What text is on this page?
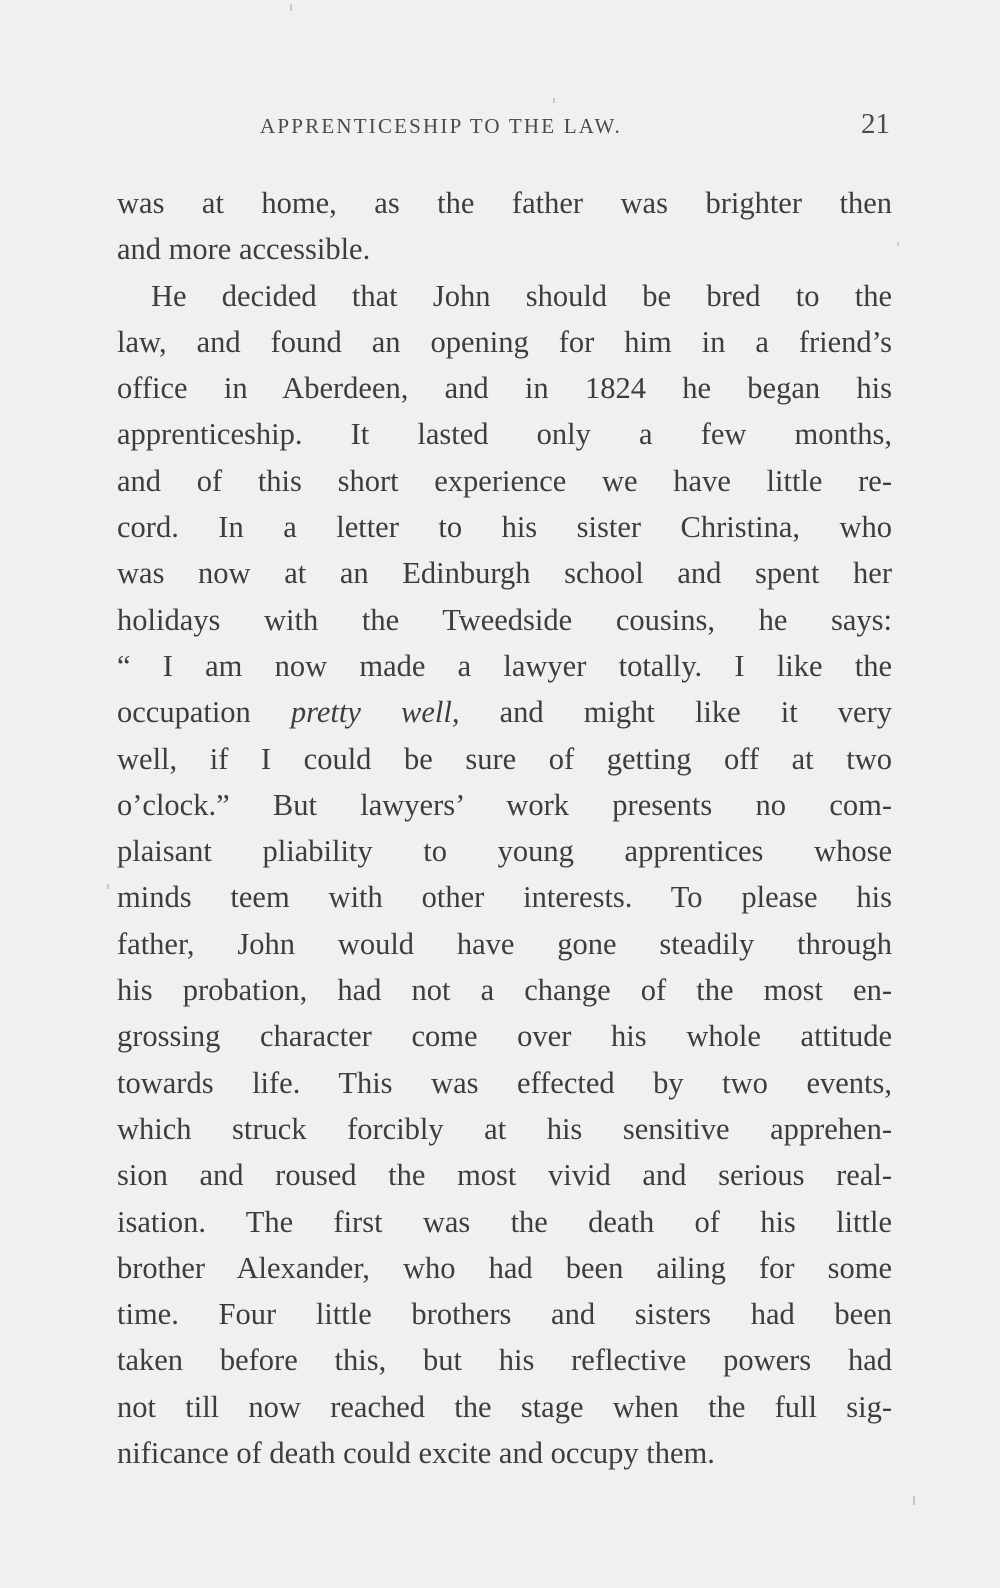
APPRENTICESHIP TO THE LAW.	21
was at home, as the father was brighter then
and more accessible.
He decided that John should be bred to the
law, and found an opening for him in a friend’s
office in Aberdeen, and in 1824 he began his
apprenticeship. It lasted only a few months,
and of this short experience we have little re-
cord. In a letter to his sister Christina, who
was now at an Edinburgh school and spent her
holidays with the Tweedside cousins, he says:
“ I am now made a lawyer totally. I like the
occupation pretty well, and might like it very
well, if I could be sure of getting off at two
o’clock.” But lawyers’ work presents no com-
plaisant pliability to young apprentices whose
minds teem with other interests. To please his
father, John would have gone steadily through
his probation, had not a change of the most en-
grossing character come over his whole attitude
towards life. This was effected by two events,
which struck forcibly at his sensitive apprehen-
sion and roused the most vivid and serious real-
isation. The first was the death of his little
brother Alexander, who had been ailing for some
time. Four little brothers and sisters had been
taken before this, but his reflective powers had
not till now reached the stage when the full sig-
nificance of death could excite and occupy them.
